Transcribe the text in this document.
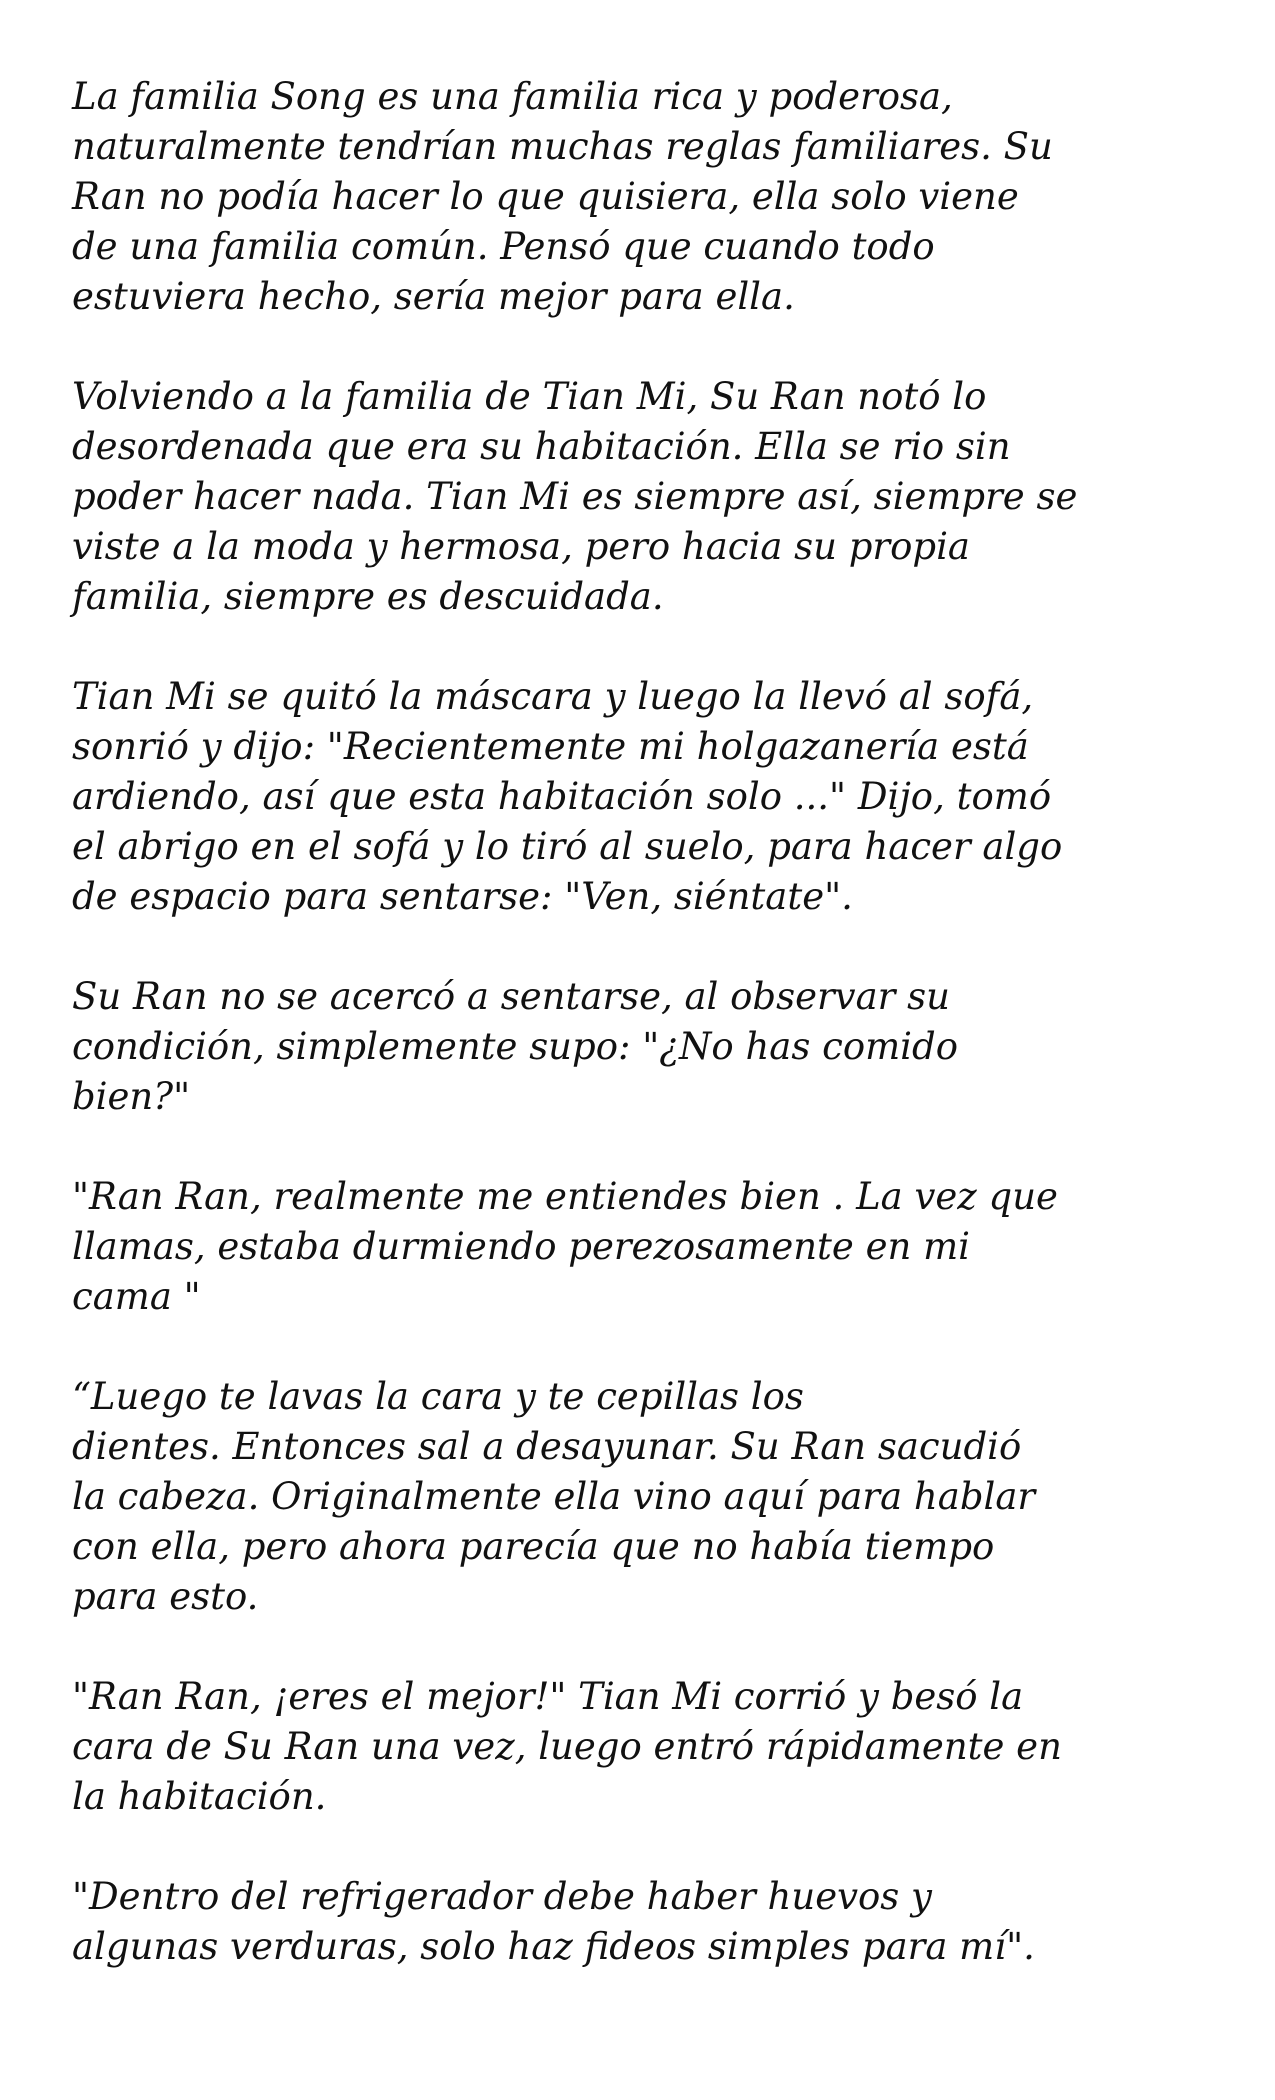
La familia Song es una familia rica y poderosa,
naturalmente tendrían muchas reglas familiares. Su
Ran no podía hacer lo que quisiera, ella solo viene
de una familia común. Pensó que cuando todo
estuviera hecho, sería mejor para ella.

Volviendo a la familia de Tian Mi, Su Ran notó lo
desordenada que era su habitación. Ella se rio sin
poder hacer nada. Tian Mi es siempre así, siempre se
viste a la moda y hermosa, pero hacia su propia
familia, siempre es descuidada.

Tian Mi se quitó la máscara y luego la llevó al sofá,
sonrió y dijo: "Recientemente mi holgazanería está
ardiendo, así que esta habitación solo ..." Dijo, tomó
el abrigo en el sofá y lo tiró al suelo, para hacer algo
de espacio para sentarse: "Ven, siéntate".

Su Ran no se acercó a sentarse, al observar su
condición, simplemente supo: "¿No has comido
bien?"

"Ran Ran, realmente me entiendes bien . La vez que
llamas, estaba durmiendo perezosamente en mi
cama "

“Luego te lavas la cara y te cepillas los
dientes. Entonces sal a desayunar. Su Ran sacudió
la cabeza. Originalmente ella vino aquí para hablar
con ella, pero ahora parecía que no había tiempo
para esto.

"Ran Ran, ¡eres el mejor!" Tian Mi corrió y besó la
cara de Su Ran una vez, luego entró rápidamente en
la habitación.

"Dentro del refrigerador debe haber huevos y
algunas verduras, solo haz fideos simples para mí".
